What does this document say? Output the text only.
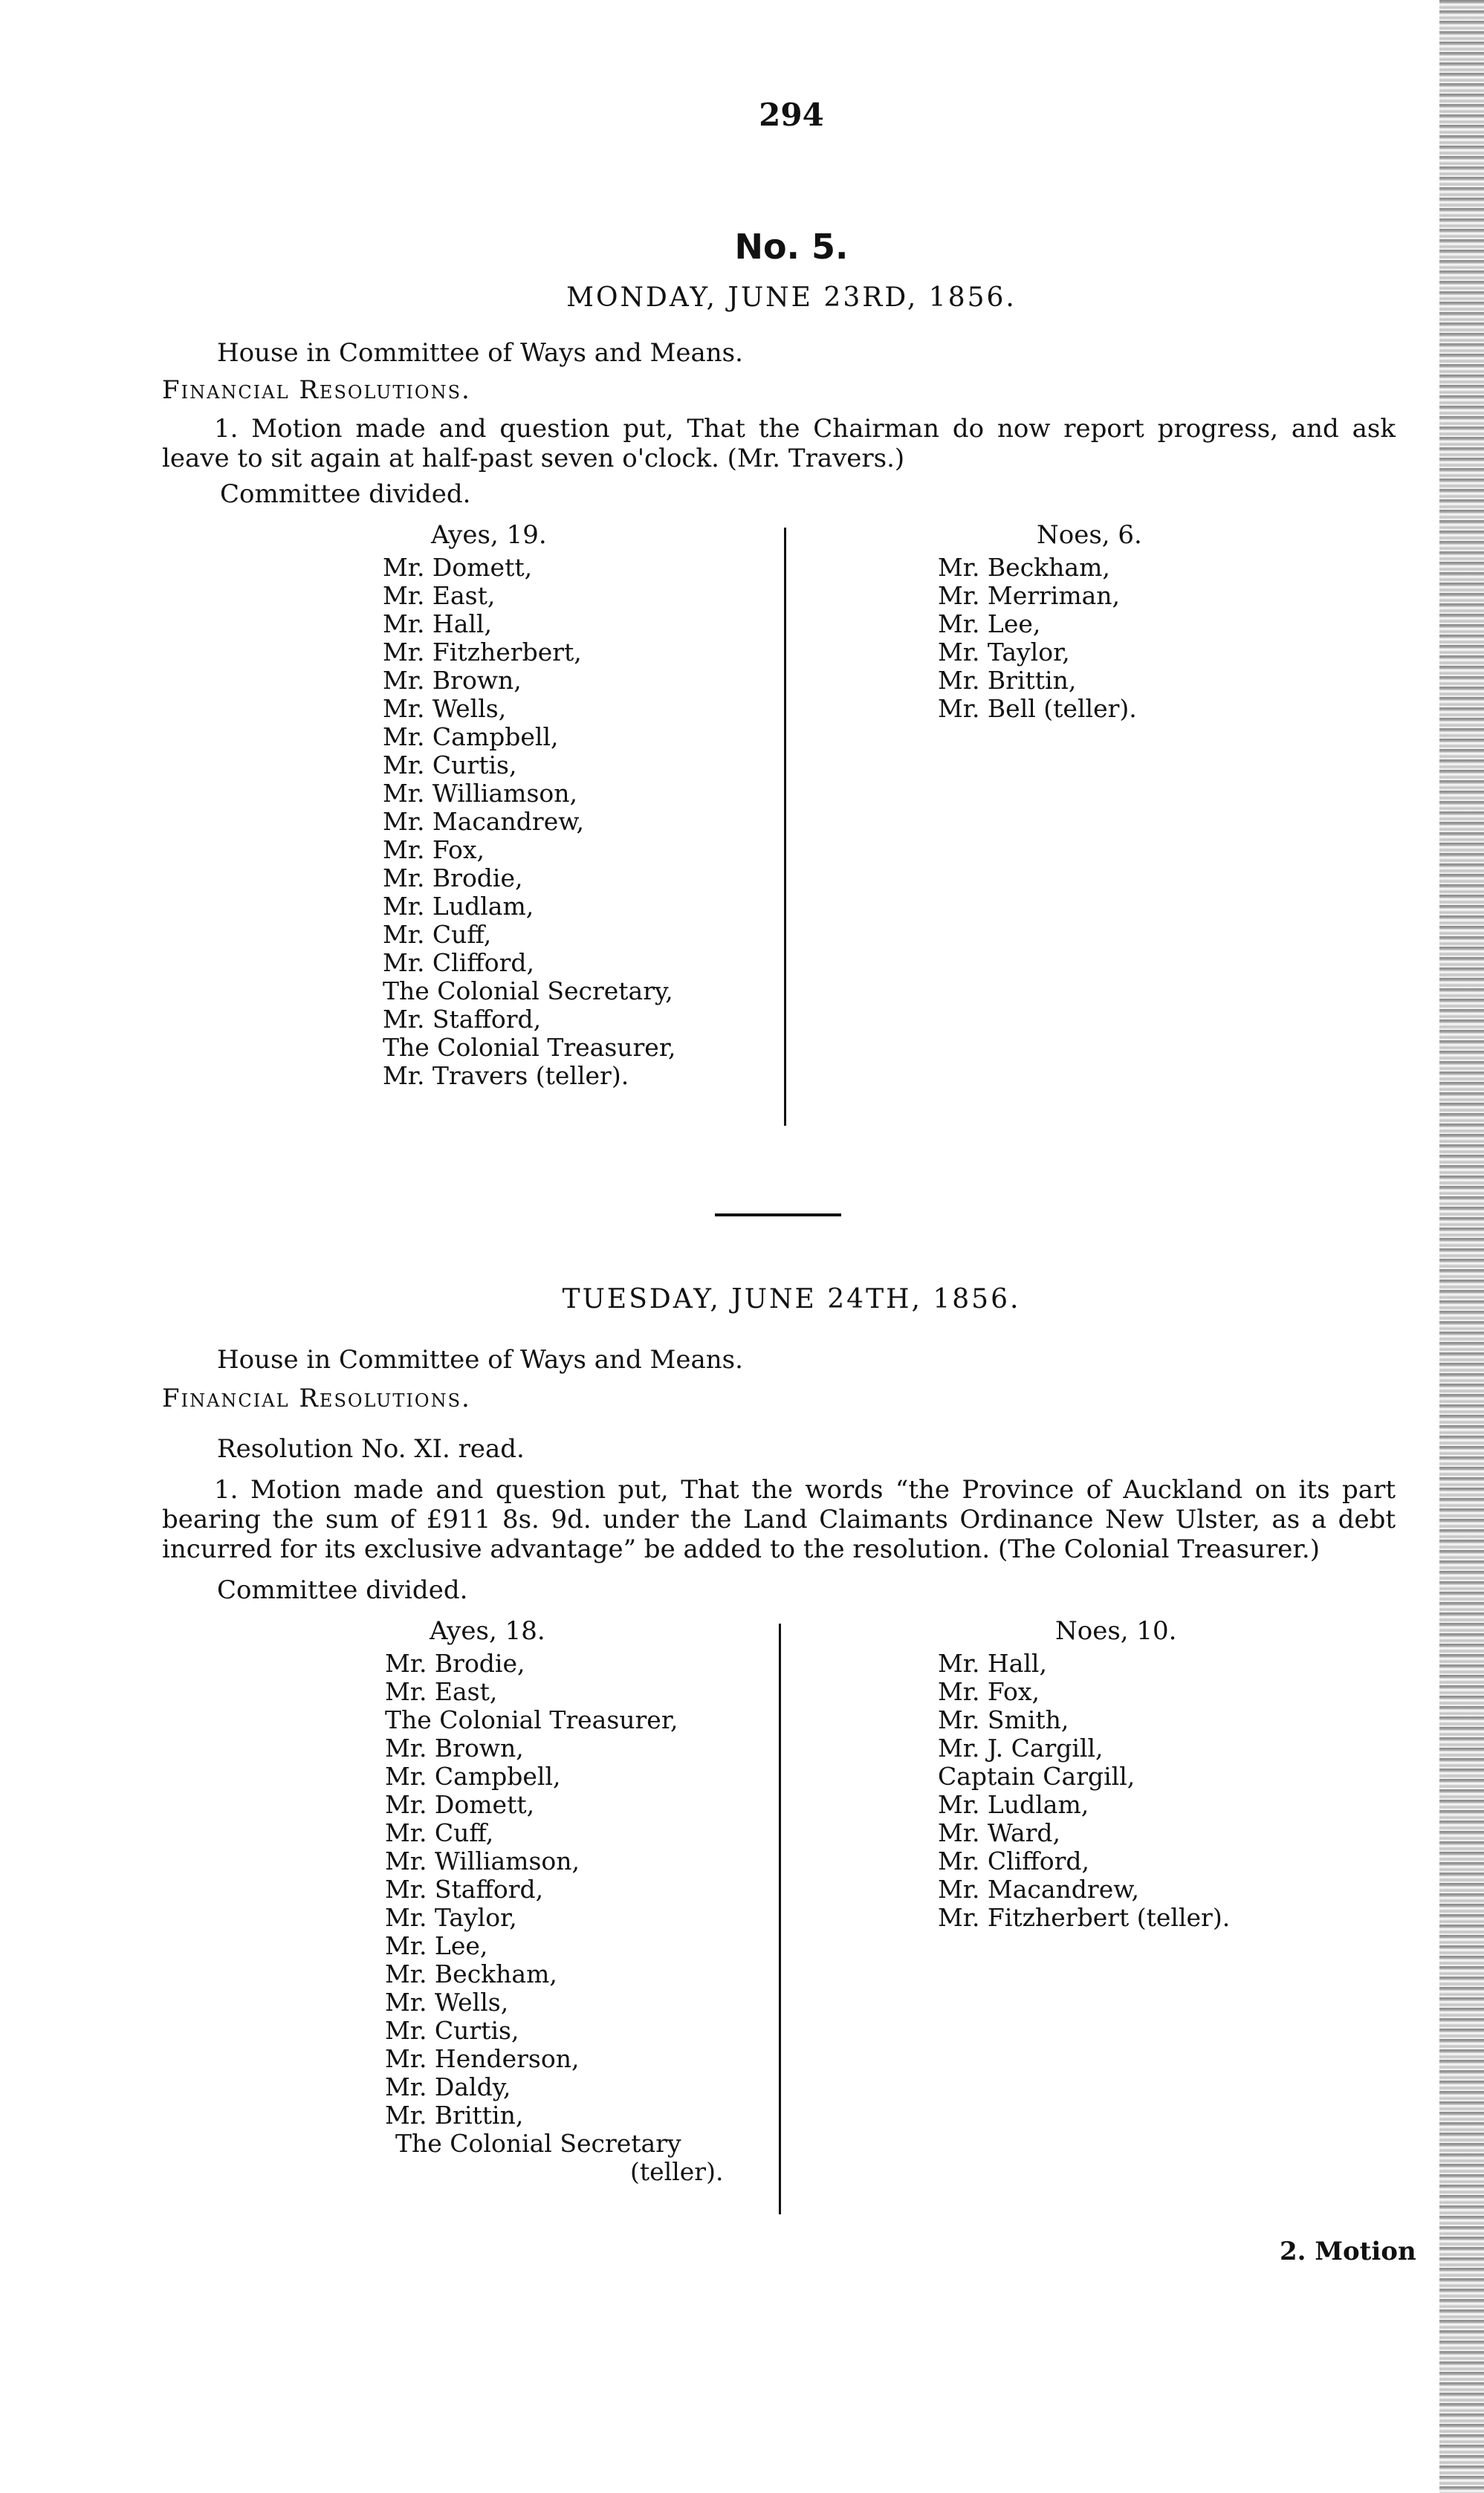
294
No. 5.
MONDAY, JUNE 23RD, 1856.
House in Committee of Ways and Means.
Financial Resolutions.
1. Motion made and question put, That the Chairman do now report progress, and ask leave to sit again at half-past seven o'clock. (Mr. Travers.)
Committee divided.
Ayes, 19.
Mr. Domett,
Mr. East,
Mr. Hall,
Mr. Fitzherbert,
Mr. Brown,
Mr. Wells,
Mr. Campbell,
Mr. Curtis,
Mr. Williamson,
Mr. Macandrew,
Mr. Fox,
Mr. Brodie,
Mr. Ludlam,
Mr. Cuff,
Mr. Clifford,
The Colonial Secretary,
Mr. Stafford,
The Colonial Treasurer,
Mr. Travers (teller).
Noes, 6.
Mr. Beckham,
Mr. Merriman,
Mr. Lee,
Mr. Taylor,
Mr. Brittin,
Mr. Bell (teller).
TUESDAY, JUNE 24TH, 1856.
House in Committee of Ways and Means.
Financial Resolutions.
Resolution No. XI. read.
1. Motion made and question put, That the words “the Province of Auckland on its part bearing the sum of £911 8s. 9d. under the Land Claimants Ordinance New Ulster, as a debt incurred for its exclusive advantage” be added to the resolution. (The Colonial Treasurer.)
Committee divided.
Ayes, 18.
Mr. Brodie,
Mr. East,
The Colonial Treasurer,
Mr. Brown,
Mr. Campbell,
Mr. Domett,
Mr. Cuff,
Mr. Williamson,
Mr. Stafford,
Mr. Taylor,
Mr. Lee,
Mr. Beckham,
Mr. Wells,
Mr. Curtis,
Mr. Henderson,
Mr. Daldy,
Mr. Brittin,
The Colonial Secretary
(teller).
Noes, 10.
Mr. Hall,
Mr. Fox,
Mr. Smith,
Mr. J. Cargill,
Captain Cargill,
Mr. Ludlam,
Mr. Ward,
Mr. Clifford,
Mr. Macandrew,
Mr. Fitzherbert (teller).
2. Motion
